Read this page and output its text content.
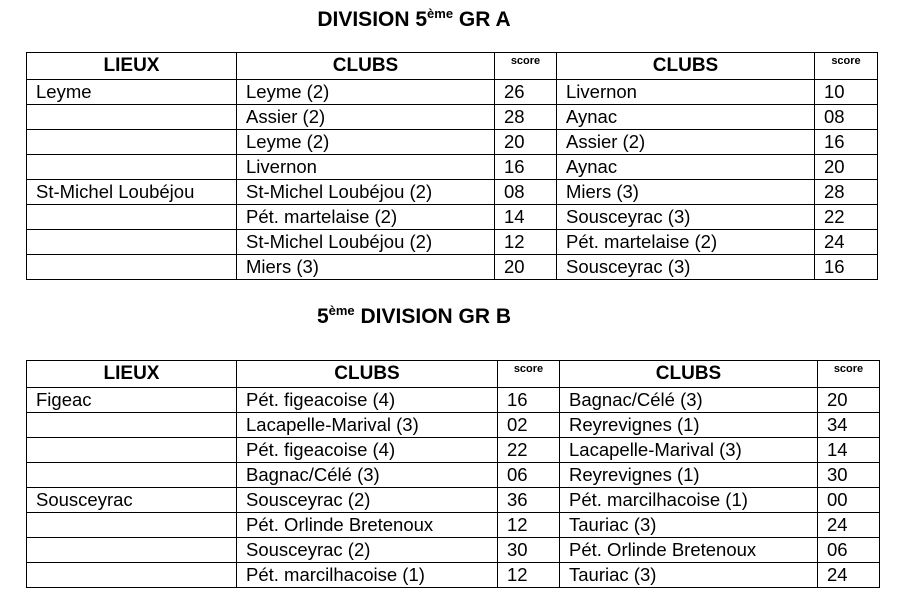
DIVISION 5ème GR A
LIEUX	CLUBS	score	CLUBS	score
Leyme	Leyme (2)	26	Livernon	10
	Assier (2)	28	Aynac	08
	Leyme (2)	20	Assier (2)	16
	Livernon	16	Aynac	20
St-Michel Loubéjou	St-Michel Loubéjou (2)	08	Miers (3)	28
	Pét. martelaise (2)	14	Sousceyrac (3)	22
	St-Michel Loubéjou (2)	12	Pét. martelaise (2)	24
	Miers (3)	20	Sousceyrac (3)	16
5ème DIVISION GR B
LIEUX	CLUBS	score	CLUBS	score
Figeac	Pét. figeacoise (4)	16	Bagnac/Célé (3)	20
	Lacapelle-Marival (3)	02	Reyrevignes (1)	34
	Pét. figeacoise (4)	22	Lacapelle-Marival (3)	14
	Bagnac/Célé (3)	06	Reyrevignes (1)	30
Sousceyrac	Sousceyrac (2)	36	Pét. marcilhacoise (1)	00
	Pét. Orlinde Bretenoux	12	Tauriac (3)	24
	Sousceyrac (2)	30	Pét. Orlinde Bretenoux	06
	Pét. marcilhacoise (1)	12	Tauriac (3)	24
